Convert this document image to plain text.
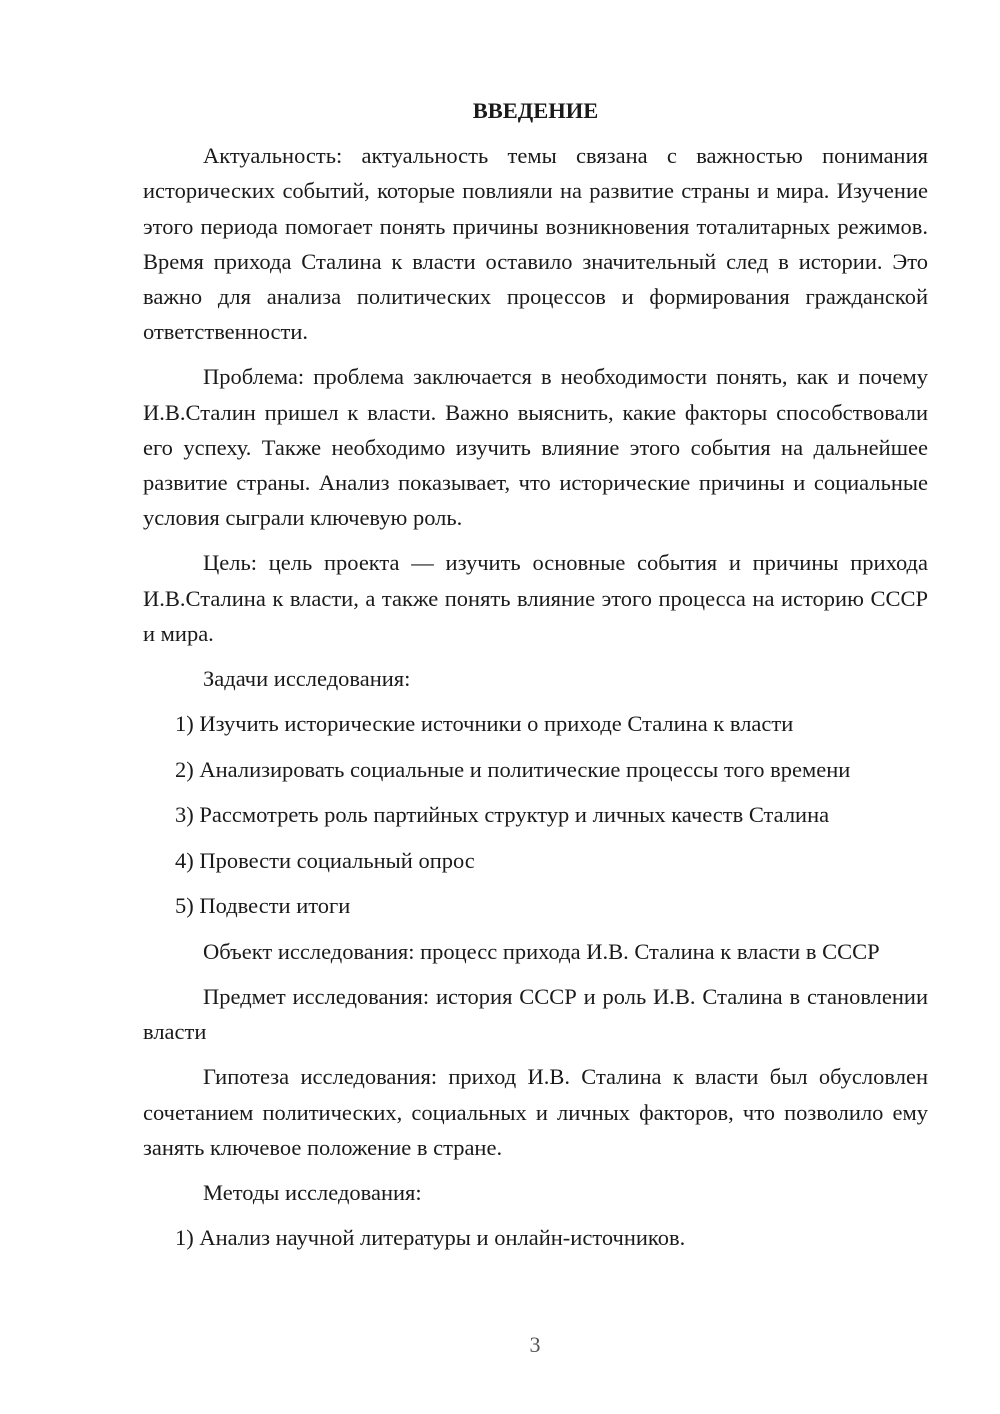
ВВЕДЕНИЕ

Актуальность: актуальность темы связана с важностью понимания исторических событий, которые повлияли на развитие страны и мира. Изучение этого периода помогает понять причины возникновения тоталитарных режимов. Время прихода Сталина к власти оставило значительный след в истории. Это важно для анализа политических процессов и формирования гражданской ответственности.

Проблема: проблема заключается в необходимости понять, как и почему И.В.Сталин пришел к власти. Важно выяснить, какие факторы способствовали его успеху. Также необходимо изучить влияние этого события на дальнейшее развитие страны. Анализ показывает, что исторические причины и социальные условия сыграли ключевую роль.

Цель: цель проекта — изучить основные события и причины прихода И.В.Сталина к власти, а также понять влияние этого процесса на историю СССР и мира.

Задачи исследования:

1) Изучить исторические источники о приходе Сталина к власти

2) Анализировать социальные и политические процессы того времени

3) Рассмотреть роль партийных структур и личных качеств Сталина

4) Провести социальный опрос

5) Подвести итоги

Объект исследования: процесс прихода И.В. Сталина к власти в СССР

Предмет исследования: история СССР и роль И.В. Сталина в становлении власти

Гипотеза исследования: приход И.В. Сталина к власти был обусловлен сочетанием политических, социальных и личных факторов, что позволило ему занять ключевое положение в стране.

Методы исследования:

1) Анализ научной литературы и онлайн-источников.

3
